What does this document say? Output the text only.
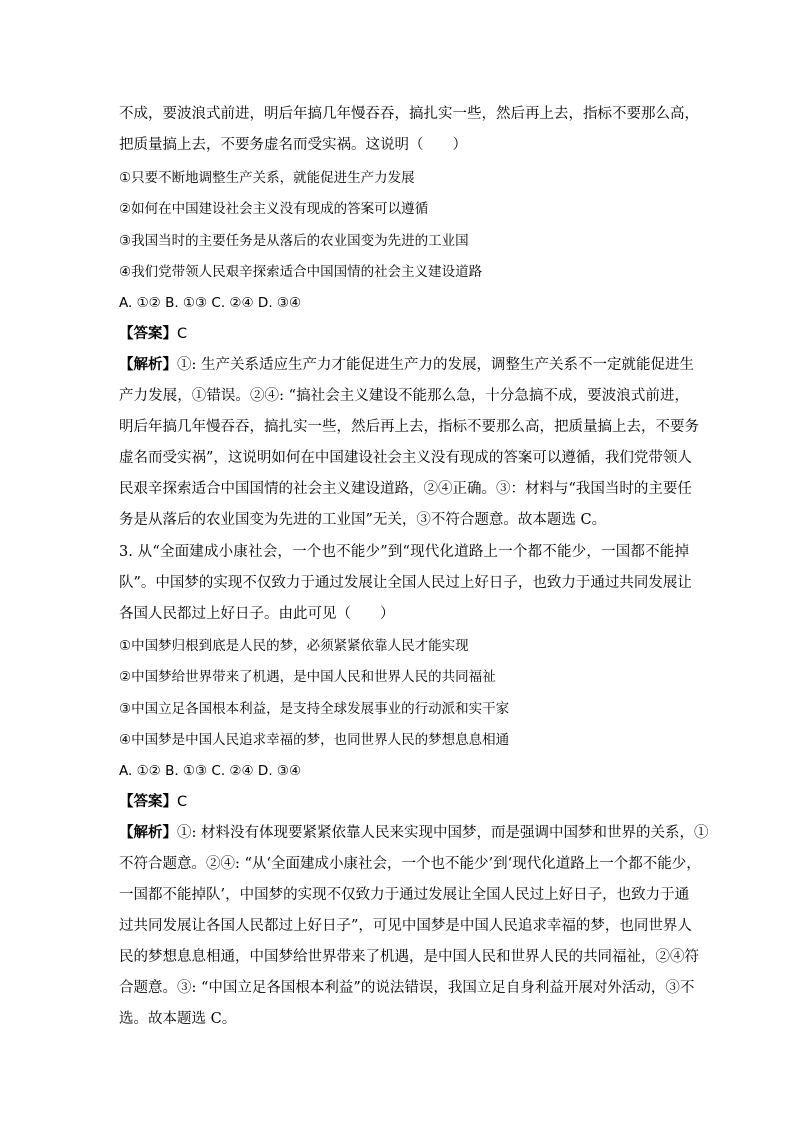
不成，要波浪式前进，明后年搞几年慢吞吞，搞扎实一些，然后再上去，指标不要那么高，
把质量搞上去，不要务虚名而受实祸。这说明（　　）
①只要不断地调整生产关系，就能促进生产力发展
②如何在中国建设社会主义没有现成的答案可以遵循
③我国当时的主要任务是从落后的农业国变为先进的工业国
④我们党带领人民艰辛探索适合中国国情的社会主义建设道路
A. ①② B. ①③ C. ②④ D. ③④
【答案】C
【解析】①: 生产关系适应生产力才能促进生产力的发展，调整生产关系不一定就能促进生
产力发展，①错误。②④: “搞社会主义建设不能那么急，十分急搞不成，要波浪式前进，
明后年搞几年慢吞吞，搞扎实一些，然后再上去，指标不要那么高，把质量搞上去，不要务
虚名而受实祸”，这说明如何在中国建设社会主义没有现成的答案可以遵循，我们党带领人
民艰辛探索适合中国国情的社会主义建设道路，②④正确。③：材料与“我国当时的主要任
务是从落后的农业国变为先进的工业国”无关，③不符合题意。故本题选 C。
3. 从“全面建成小康社会，一个也不能少”到“现代化道路上一个都不能少，一国都不能掉
队”。中国梦的实现不仅致力于通过发展让全国人民过上好日子，也致力于通过共同发展让
各国人民都过上好日子。由此可见（　　）
①中国梦归根到底是人民的梦，必须紧紧依靠人民才能实现
②中国梦给世界带来了机遇，是中国人民和世界人民的共同福祉
③中国立足各国根本利益，是支持全球发展事业的行动派和实干家
④中国梦是中国人民追求幸福的梦，也同世界人民的梦想息息相通
A. ①② B. ①③ C. ②④ D. ③④
【答案】C
【解析】①: 材料没有体现要紧紧依靠人民来实现中国梦，而是强调中国梦和世界的关系，①
不符合题意。②④: “从‘全面建成小康社会，一个也不能少’到‘现代化道路上一个都不能少，
一国都不能掉队’，中国梦的实现不仅致力于通过发展让全国人民过上好日子，也致力于通
过共同发展让各国人民都过上好日子”，可见中国梦是中国人民追求幸福的梦，也同世界人
民的梦想息息相通，中国梦给世界带来了机遇，是中国人民和世界人民的共同福祉，②④符
合题意。③: “中国立足各国根本利益”的说法错误，我国立足自身利益开展对外活动，③不
选。故本题选 C。
